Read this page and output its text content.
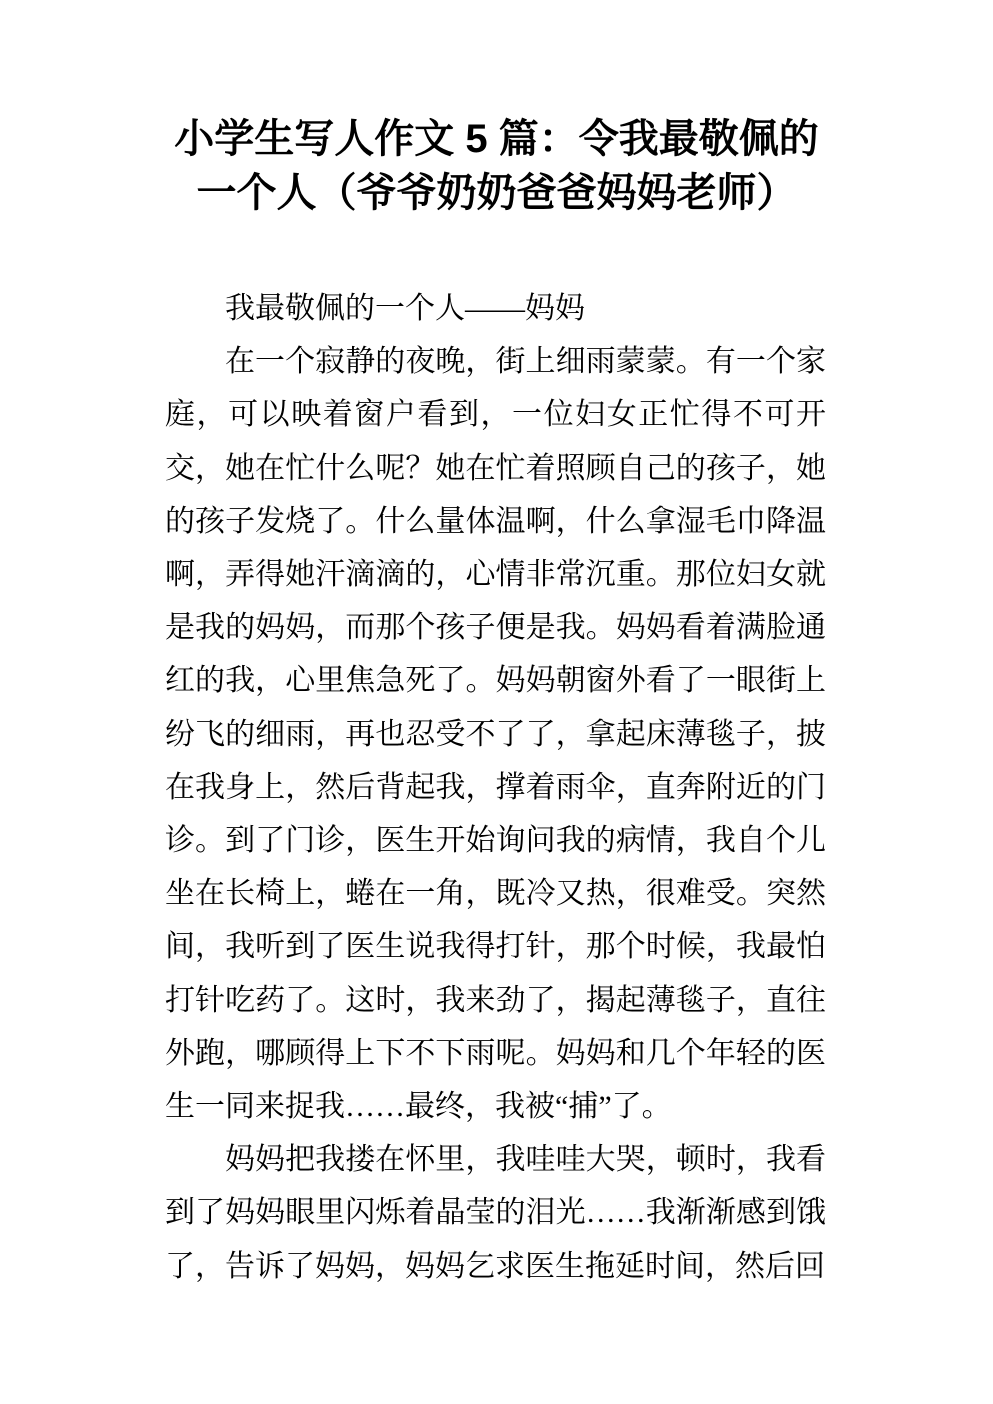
小学生写人作文 5 篇：令我最敬佩的一个人（爷爷奶奶爸爸妈妈老师）

我最敬佩的一个人——妈妈

在一个寂静的夜晚，街上细雨蒙蒙。有一个家庭，可以映着窗户看到，一位妇女正忙得不可开交，她在忙什么呢？她在忙着照顾自己的孩子，她的孩子发烧了。什么量体温啊，什么拿湿毛巾降温啊，弄得她汗滴滴的，心情非常沉重。那位妇女就是我的妈妈，而那个孩子便是我。妈妈看着满脸通红的我，心里焦急死了。妈妈朝窗外看了一眼街上纷飞的细雨，再也忍受不了了，拿起床薄毯子，披在我身上，然后背起我，撑着雨伞，直奔附近的门诊。到了门诊，医生开始询问我的病情，我自个儿坐在长椅上，蜷在一角，既冷又热，很难受。突然间，我听到了医生说我得打针，那个时候，我最怕打针吃药了。这时，我来劲了，揭起薄毯子，直往外跑，哪顾得上下不下雨呢。妈妈和几个年轻的医生一同来捉我……最终，我被“捕”了。

妈妈把我搂在怀里，我哇哇大哭，顿时，我看到了妈妈眼里闪烁着晶莹的泪光……我渐渐感到饿了，告诉了妈妈，妈妈乞求医生拖延时间，然后回
